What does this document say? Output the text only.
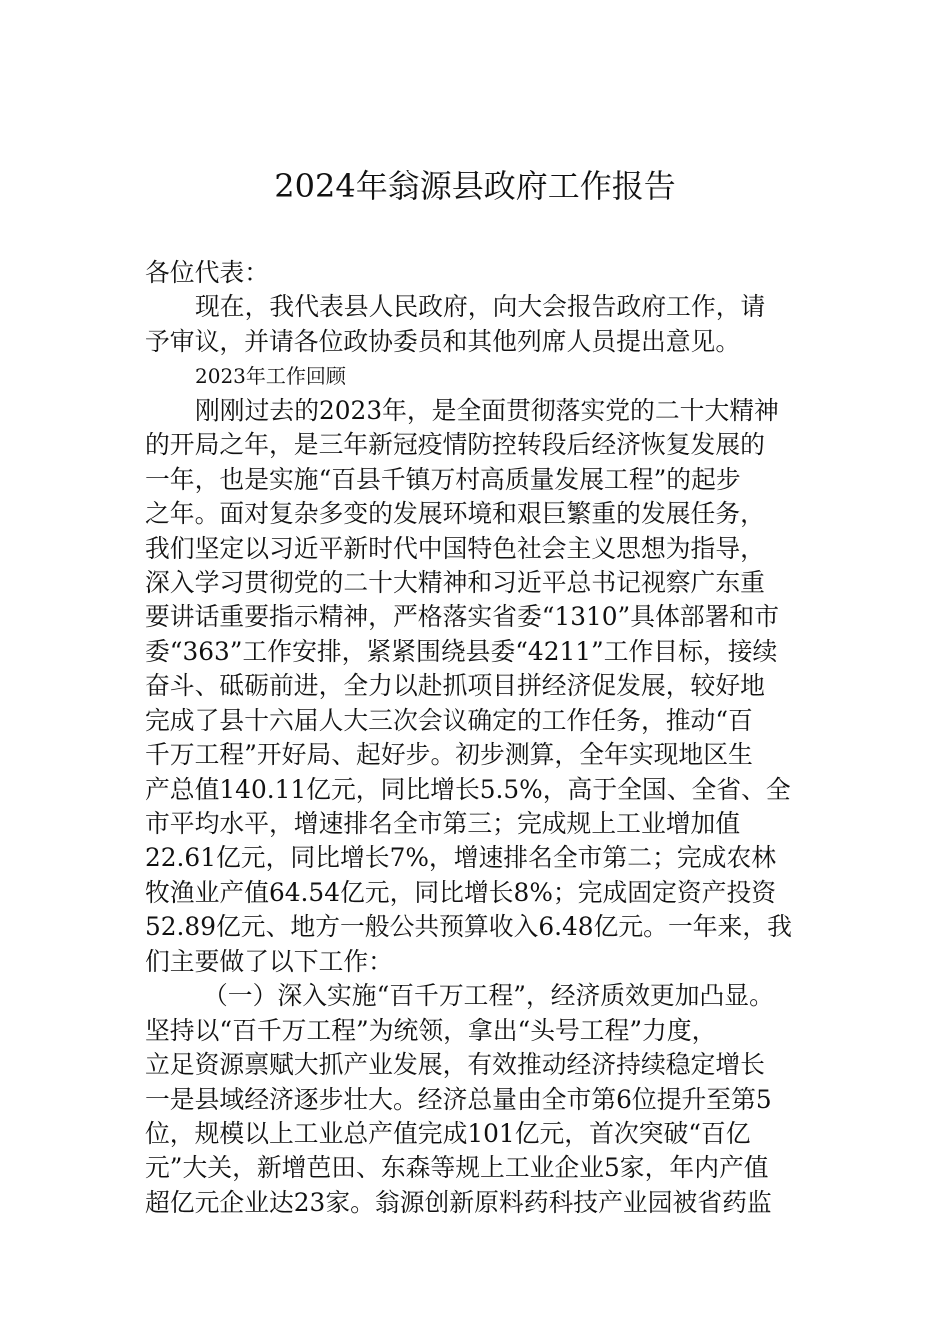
2024年翁源县政府工作报告
各位代表：
现在，我代表县人民政府，向大会报告政府工作，请
予审议，并请各位政协委员和其他列席人员提出意见。
2023年工作回顾
刚刚过去的2023年，是全面贯彻落实党的二十大精神
的开局之年，是三年新冠疫情防控转段后经济恢复发展的
一年，也是实施“百县千镇万村高质量发展工程”的起步
之年。面对复杂多变的发展环境和艰巨繁重的发展任务，
我们坚定以习近平新时代中国特色社会主义思想为指导，
深入学习贯彻党的二十大精神和习近平总书记视察广东重
要讲话重要指示精神，严格落实省委“1310”具体部署和市
委“363”工作安排，紧紧围绕县委“4211”工作目标，接续
奋斗、砥砺前进，全力以赴抓项目拼经济促发展，较好地
完成了县十六届人大三次会议确定的工作任务，推动“百
千万工程”开好局、起好步。初步测算，全年实现地区生
产总值140.11亿元，同比增长5.5%，高于全国、全省、全
市平均水平，增速排名全市第三；完成规上工业增加值
22.61亿元，同比增长7%，增速排名全市第二；完成农林
牧渔业产值64.54亿元，同比增长8%；完成固定资产投资
52.89亿元、地方一般公共预算收入6.48亿元。一年来，我
们主要做了以下工作：
（一）深入实施“百千万工程”，经济质效更加凸显。
坚持以“百千万工程”为统领，拿出“头号工程”力度，
立足资源禀赋大抓产业发展，有效推动经济持续稳定增长
一是县域经济逐步壮大。经济总量由全市第6位提升至第5
位，规模以上工业总产值完成101亿元，首次突破“百亿
元”大关，新增芭田、东森等规上工业企业5家，年内产值
超亿元企业达23家。翁源创新原料药科技产业园被省药监
